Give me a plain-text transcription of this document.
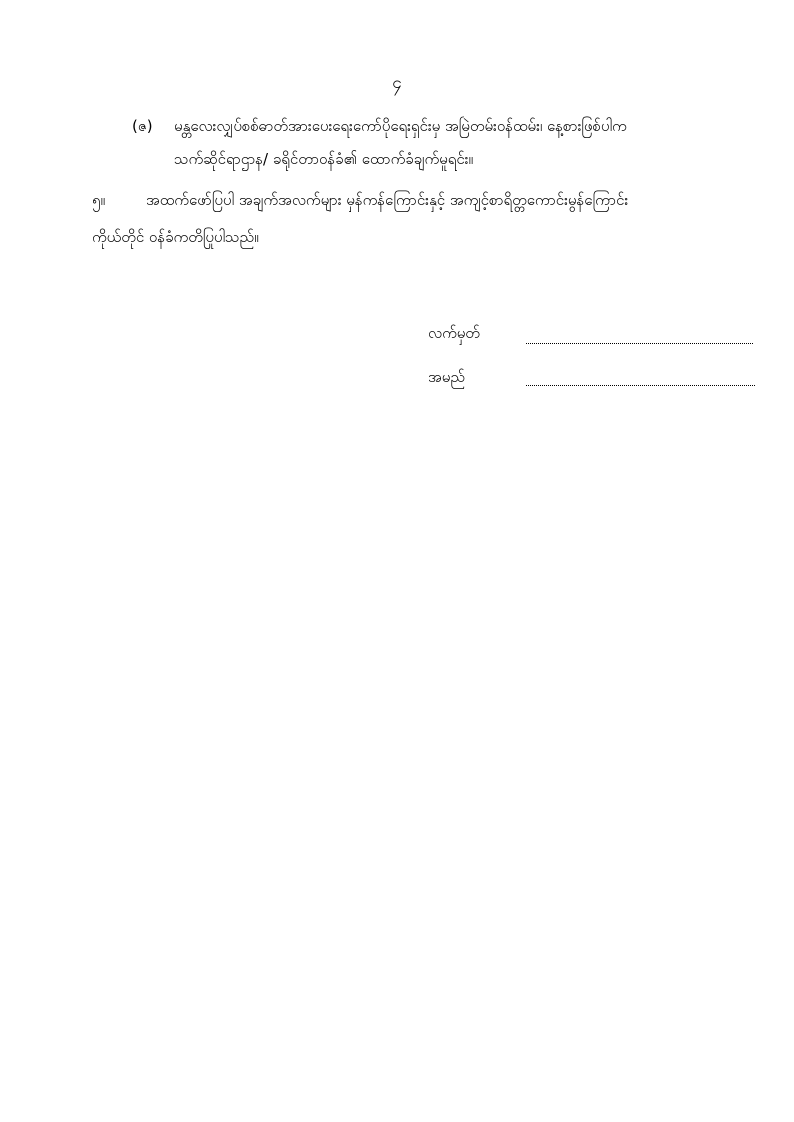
၄
(ဇ) မန္တလေးလျှပ်စစ်ဓာတ်အားပေးရေးကော်ပိုရေးရှင်းမှ အမြဲတမ်းဝန်ထမ်း၊ နေ့စားဖြစ်ပါက
သက်ဆိုင်ရာဌာန/ ခရိုင်တာဝန်ခံ၏ ထောက်ခံချက်မူရင်း။
၅။	အထက်ဖော်ပြပါ အချက်အလက်များ မှန်ကန်ကြောင်းနှင့် အကျင့်စာရိတ္တကောင်းမွန်ကြောင်း
ကိုယ်တိုင် ဝန်ခံကတိပြုပါသည်။
လက်မှတ်
အမည်
